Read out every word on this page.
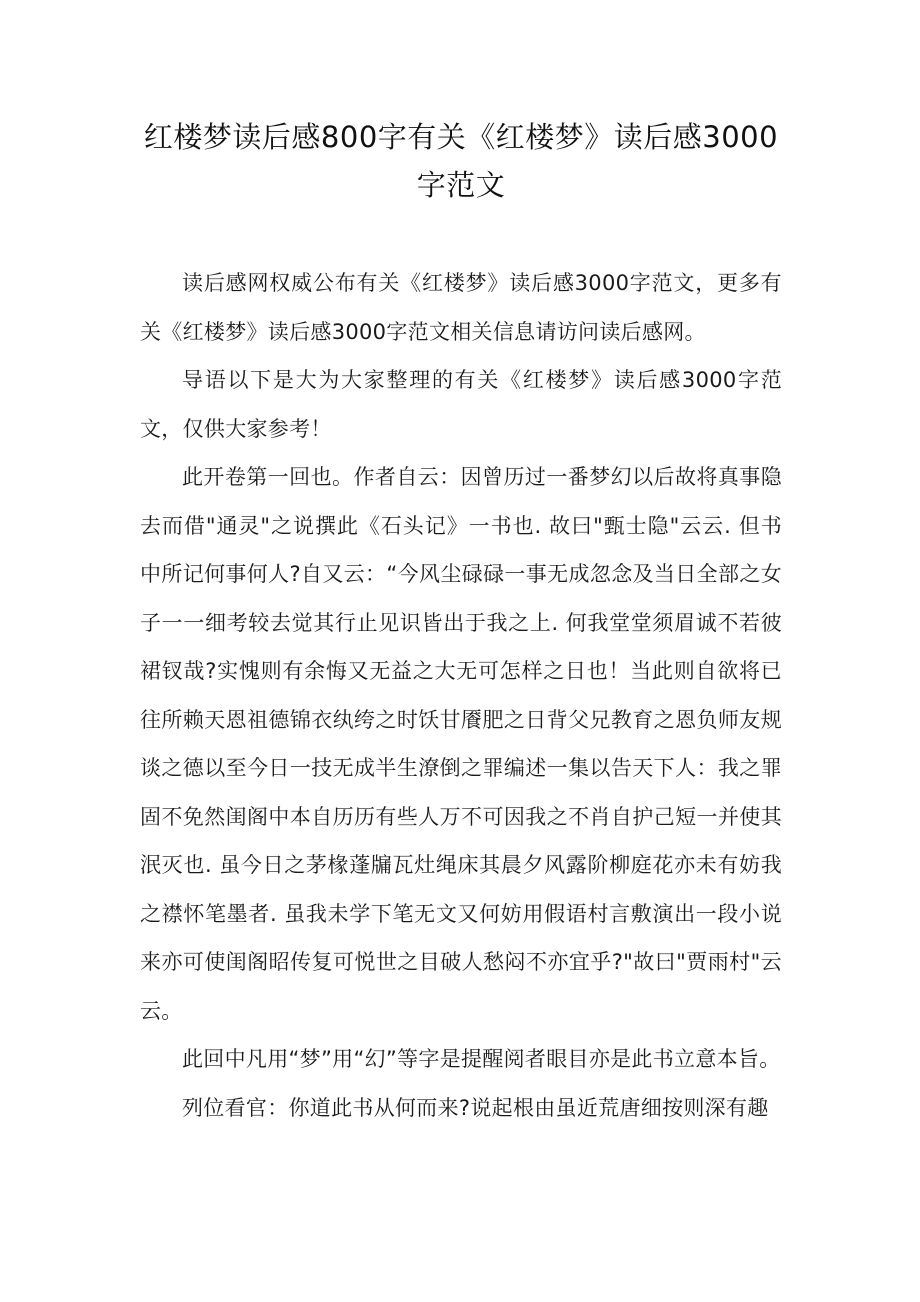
红楼梦读后感800字有关《红楼梦》读后感3000字范文

读后感网权威公布有关《红楼梦》读后感3000字范文，更多有关《红楼梦》读后感3000字范文相关信息请访问读后感网。

导语以下是大为大家整理的有关《红楼梦》读后感3000字范文，仅供大家参考！

此开卷第一回也。作者自云：因曾历过一番梦幻以后故将真事隐去而借"通灵"之说撰此《石头记》一书也. 故曰"甄士隐"云云. 但书中所记何事何人?自又云：“今风尘碌碌一事无成忽念及当日全部之女子一一细考较去觉其行止见识皆出于我之上. 何我堂堂须眉诚不若彼裙钗哉?实愧则有余悔又无益之大无可怎样之日也！当此则自欲将已往所赖天恩祖德锦衣纨绔之时饫甘餍肥之日背父兄教育之恩负师友规谈之德以至今日一技无成半生潦倒之罪编述一集以告天下人：我之罪固不免然闺阁中本自历历有些人万不可因我之不肖自护己短一并使其泯灭也. 虽今日之茅椽蓬牖瓦灶绳床其晨夕风露阶柳庭花亦未有妨我之襟怀笔墨者. 虽我未学下笔无文又何妨用假语村言敷演出一段小说来亦可使闺阁昭传复可悦世之目破人愁闷不亦宜乎?"故曰"贾雨村"云云。

此回中凡用“梦”用“幻”等字是提醒阅者眼目亦是此书立意本旨。

列位看官：你道此书从何而来?说起根由虽近荒唐细按则深有趣
